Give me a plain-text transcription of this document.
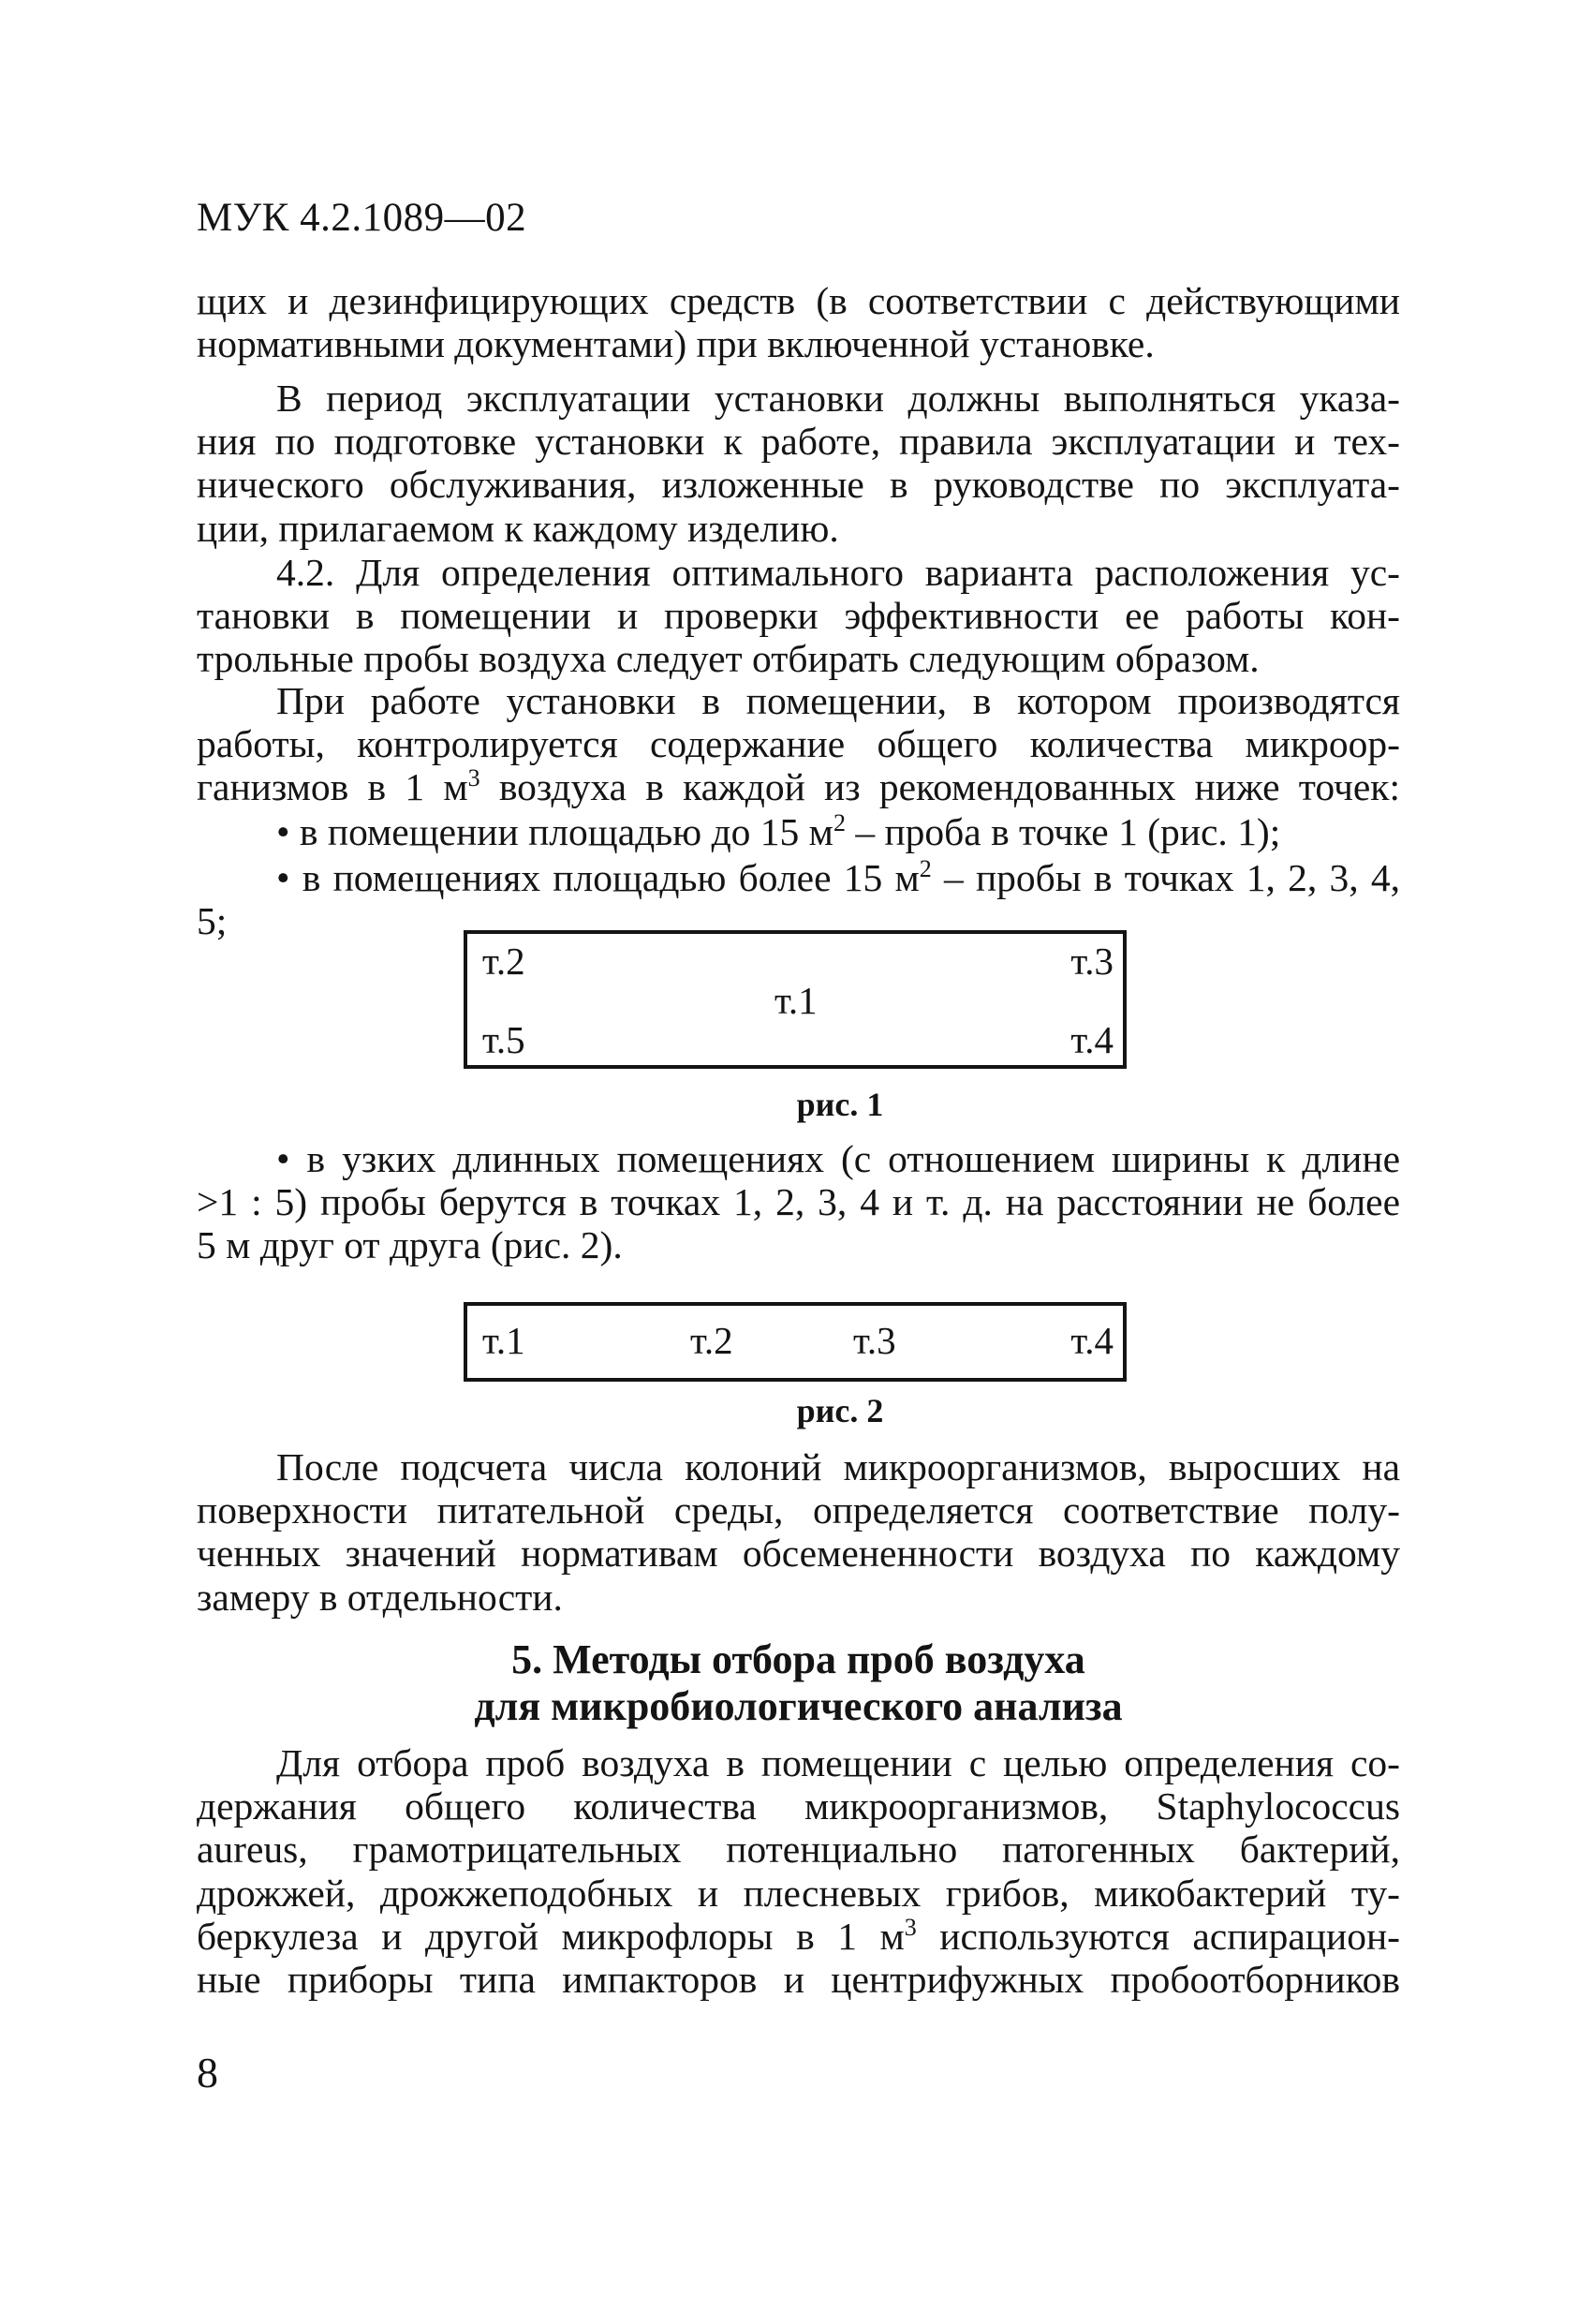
МУК 4.2.1089—02
щих и дезинфицирующих средств (в соответствии с действующими
нормативными документами) при включенной установке.
В период эксплуатации установки должны выполняться указа-
ния по подготовке установки к работе, правила эксплуатации и тех-
нического обслуживания, изложенные в руководстве по эксплуата-
ции, прилагаемом к каждому изделию.
4.2. Для определения оптимального варианта расположения ус-
тановки в помещении и проверки эффективности ее работы кон-
трольные пробы воздуха следует отбирать следующим образом.
При работе установки в помещении, в котором производятся
работы, контролируется содержание общего количества микроор-
ганизмов в 1 $м^3$ воздуха в каждой из рекомендованных ниже точек:
• в помещении площадью до 15 $м^2$ – проба в точке 1 (рис. 1);
• в помещениях площадью более 15 $м^2$ – пробы в точках 1, 2, 3, 4, 5;
т.2	т.3
т.1
т.5	т.4
рис. 1
• в узких длинных помещениях (с отношением ширины к длине
>1 : 5) пробы берутся в точках 1, 2, 3, 4 и т. д. на расстоянии не более
5 м друг от друга (рис. 2).
т.1	т.2	т.3	т.4
рис. 2
После подсчета числа колоний микроорганизмов, выросших на
поверхности питательной среды, определяется соответствие полу-
ченных значений нормативам обсемененности воздуха по каждому
замеру в отдельности.
5. Методы отбора проб воздуха
для микробиологического анализа
Для отбора проб воздуха в помещении с целью определения со-
держания общего количества микроорганизмов, Staphylococcus
aureus, грамотрицательных потенциально патогенных бактерий,
дрожжей, дрожжеподобных и плесневых грибов, микобактерий ту-
беркулеза и другой микрофлоры в 1 $м^3$ используются аспирацион-
ные приборы типа импакторов и центрифужных пробоотборников
8
